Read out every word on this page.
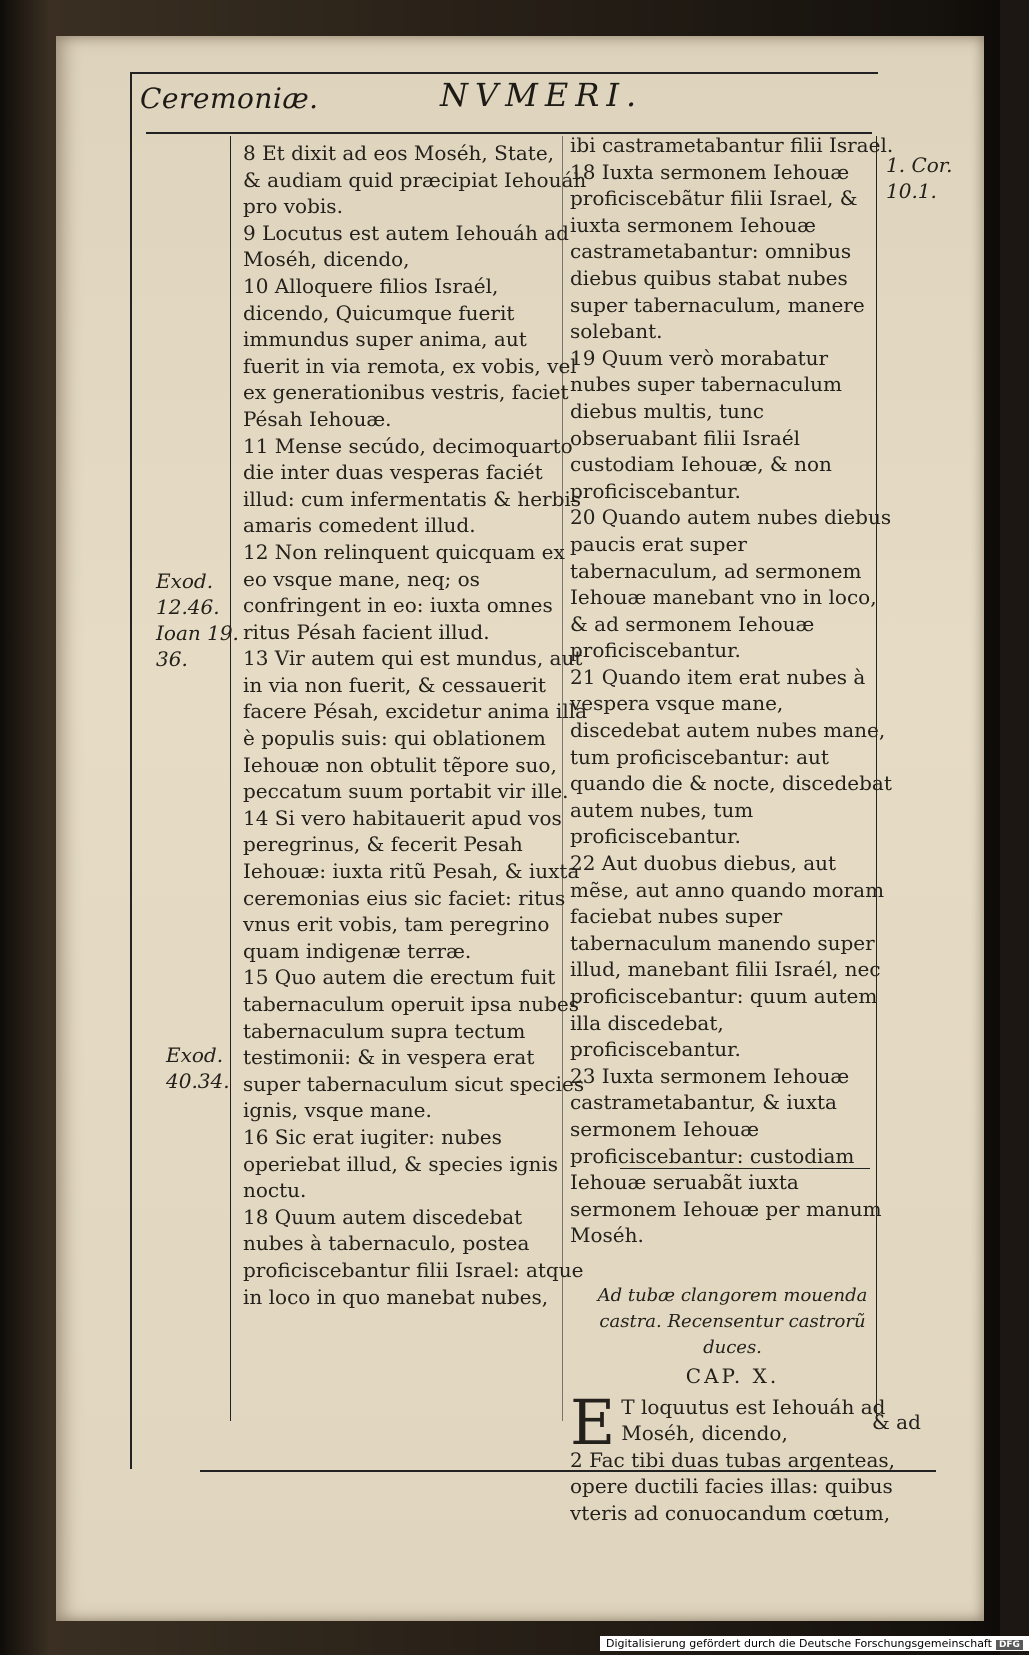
Ceremoniæ.	NVMERI.
Exod.
12.46.
Ioan 19.
36.
Exod.
40.34.
1. Cor.
10.1.

8 Et dixit ad eos Moséh, State,

& audiam quid præcipiat Iehouáh pro vobis.

9 Locutus est autem Iehouáh ad Moséh, dicendo,

10 Alloquere filios Israél, dicendo, Quicumque fuerit immundus super anima, aut fuerit in via remota, ex vobis, vel ex generationibus vestris, faciet Pésah Iehouæ.

11 Mense secúdo, decimoquarto die inter duas vesperas faciét illud: cum infermentatis & herbis amaris comedent illud.

12 Non relinquent quicquam ex eo vsque mane, neq; os confringent in eo: iuxta omnes ritus Pésah facient illud.

13 Vir autem qui est mundus, aut in via non fuerit, & cessauerit facere Pésah, excidetur anima illa è populis suis: qui oblationem Iehouæ non obtulit tẽpore suo, peccatum suum portabit vir ille.

14 Si vero habitauerit apud vos peregrinus, & fecerit Pesah Iehouæ: iuxta ritũ Pesah, & iuxta ceremonias eius sic faciet: ritus vnus erit vobis, tam peregrino quam indigenæ terræ.

15 Quo autem die erectum fuit tabernaculum operuit ipsa nubes tabernaculum supra tectum testimonii: & in vespera erat super tabernaculum sicut species ignis, vsque mane.

16 Sic erat iugiter: nubes operiebat illud, & species ignis noctu.

18 Quum autem discedebat nubes à tabernaculo, postea proficiscebantur filii Israel: atque in loco in quo manebat nubes,

ibi castrametabantur filii Israel.

18 Iuxta sermonem Iehouæ proficiscebãtur filii Israel, & iuxta sermonem Iehouæ castrametabantur: omnibus diebus quibus stabat nubes super tabernaculum, manere solebant.

19 Quum verò morabatur nubes super tabernaculum diebus multis, tunc obseruabant filii Israél custodiam Iehouæ, & non proficiscebantur.

20 Quando autem nubes diebus paucis erat super tabernaculum, ad sermonem Iehouæ manebant vno in loco, & ad sermonem Iehouæ proficiscebantur.

21 Quando item erat nubes à vespera vsque mane, discedebat autem nubes mane, tum proficiscebantur: aut quando die & nocte, discedebat autem nubes, tum proficiscebantur.

22 Aut duobus diebus, aut mẽse, aut anno quando moram faciebat nubes super tabernaculum manendo super illud, manebant filii Israél, nec proficiscebantur: quum autem illa discedebat, proficiscebantur.

23 Iuxta sermonem Iehouæ castrametabantur, & iuxta sermonem Iehouæ proficiscebantur: custodiam Iehouæ seruabãt iuxta sermonem Iehouæ per manum Moséh.

Ad tubæ clangorem mouenda castra. Recensentur castrorũ duces.
CAP. X.

E T loquutus est Iehouáh ad Moséh, dicendo,

2 Fac tibi duas tubas argenteas, opere ductili facies illas: quibus vteris ad conuocandum cœtum,

& ad
Digitalisierung gefördert durch die Deutsche Forschungsgemeinschaft DFG
